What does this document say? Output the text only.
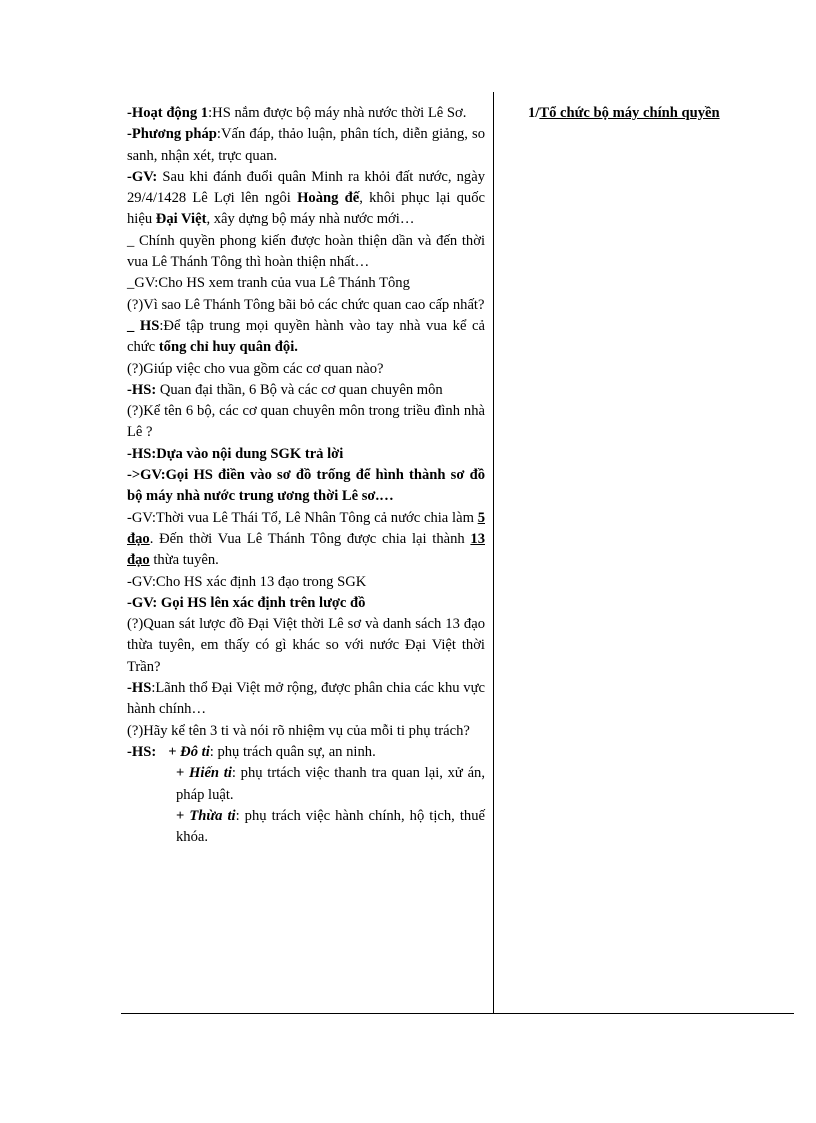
-Hoạt động 1:HS nắm được bộ máy nhà nước thời Lê Sơ.

-Phương pháp:Vấn đáp, thảo luận, phân tích, diễn giảng, so sanh, nhận xét, trực quan.

-GV: Sau khi đánh đuổi quân Minh ra khỏi đất nước, ngày 29/4/1428 Lê Lợi lên ngôi Hoàng đế, khôi phục lại quốc hiệu Đại Việt, xây dựng bộ máy nhà nước mới…

_ Chính quyền phong kiến được hoàn thiện dần và đến thời vua Lê Thánh Tông thì hoàn thiện nhất…

_GV:Cho HS xem tranh của vua Lê Thánh Tông

(?)Vì sao Lê Thánh Tông bãi bỏ các chức quan cao cấp nhất?

_ HS:Để tập trung mọi quyền hành vào tay nhà vua kể cả chức tổng chỉ huy quân đội.

(?)Giúp việc cho vua gồm các cơ quan nào?

-HS: Quan đại thần, 6 Bộ và các cơ quan chuyên môn

(?)Kể tên 6 bộ, các cơ quan chuyên môn trong triều đình nhà Lê ?

-HS:Dựa vào nội dung SGK trả lời

->GV:Gọi HS điền vào sơ đồ trống để hình thành sơ đồ bộ máy nhà nước trung ương thời Lê sơ.…

-GV:Thời vua Lê Thái Tổ, Lê Nhân Tông cả nước chia làm 5 đạo. Đến thời Vua Lê Thánh Tông được chia lại thành 13 đạo thừa tuyên.

-GV:Cho HS xác định 13 đạo trong SGK

-GV: Gọi HS lên xác định trên lược đồ

(?)Quan sát lược đồ Đại Việt thời Lê sơ và danh sách 13 đạo thừa tuyên, em thấy có gì khác so với nước Đại Việt thời Trần?

-HS:Lãnh thổ Đại Việt mở rộng, được phân chia các khu vực hành chính…

(?)Hãy kể tên 3 ti và nói rõ nhiệm vụ của mỗi ti phụ trách?

-HS: + Đô ti: phụ trách quân sự, an ninh.

+ Hiến ti: phụ trtách việc thanh tra quan lại, xử án, pháp luật.

+ Thừa ti: phụ trách việc hành chính, hộ tịch, thuế khóa.

1/Tổ chức bộ máy chính quyền
